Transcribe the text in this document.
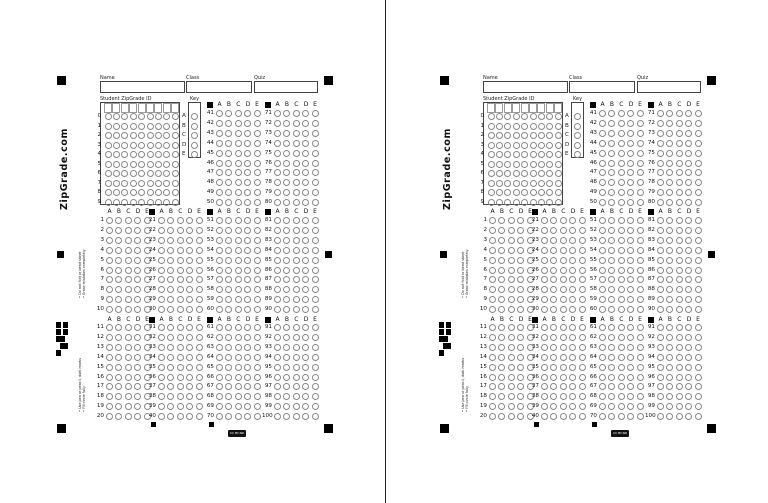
ZipGrade.com
• Do not fold or bend sheet • Erase mistakes completely
• Use pen or pencil, dark marks • Fill circle fully
Name	Class	Quiz
Student ZipGrade ID
0
1
2
3
4
5
6
7
8
9
Key
A
B
C
D
E
A B C D E	A B C D E
A B C D E A B C D E	A B C D E	A B C D E
A B C D E A B C D E	A B C D E	A B C D E
41	71
42	72
43	73
44	74
45	75
46	76
47	77
48	78
49	79
50	80
1	21	51	81
2	22	52	82
3	23	53	83
4	24	54	84
5	25	55	85
6	26	56	86
7	27	57	87
8	28	58	88
9	29	59	89
10	30	60	90
11	31	61	91
12	32	62	92
13	33	63	93
14	34	64	94
15	35	65	95
16	36	66	96
17	37	67	97
18	38	68	98
19	39	69	99
20	40	70	100
CC BY-ND
ZipGrade.com
• Do not fold or bend sheet • Erase mistakes completely
• Use pen or pencil, dark marks • Fill circle fully
Name	Class	Quiz
Student ZipGrade ID
0
1
2
3
4
5
6
7
8
9
Key
A
B
C
D
E
A B C D E	A B C D E
A B C D E A B C D E	A B C D E	A B C D E
A B C D E A B C D E	A B C D E	A B C D E
41	71
42	72
43	73
44	74
45	75
46	76
47	77
48	78
49	79
50	80
1	21	51	81
2	22	52	82
3	23	53	83
4	24	54	84
5	25	55	85
6	26	56	86
7	27	57	87
8	28	58	88
9	29	59	89
10	30	60	90
11	31	61	91
12	32	62	92
13	33	63	93
14	34	64	94
15	35	65	95
16	36	66	96
17	37	67	97
18	38	68	98
19	39	69	99
20	40	70	100
CC BY-ND
